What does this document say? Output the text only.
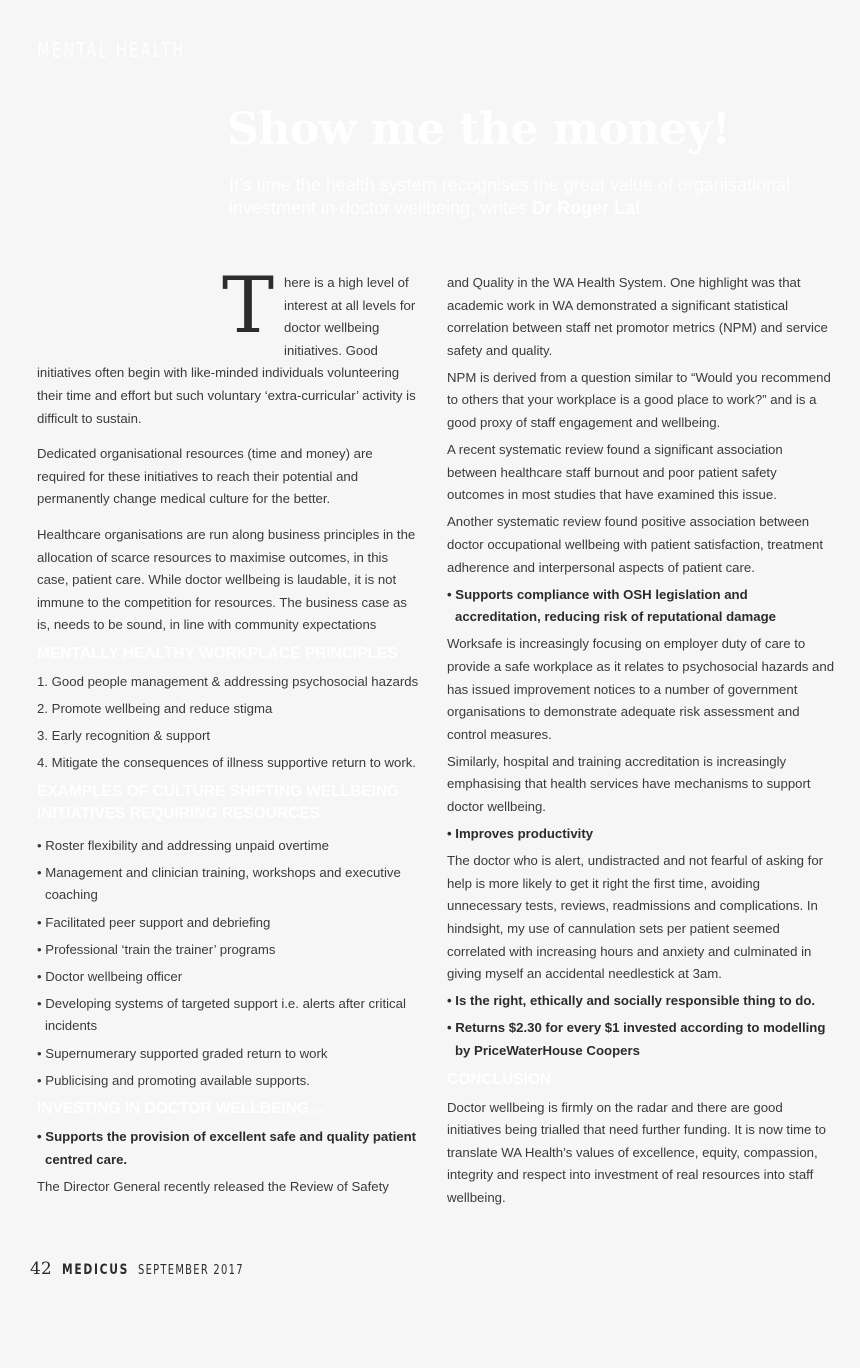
MENTAL HEALTH
Show me the money!

It’s time the health system recognises the great value of organisational investment in doctor wellbeing, writes Dr Roger Lai

There is a high level of interest at all levels for doctor wellbeing initiatives. Good initiatives often begin with like-minded individuals volunteering their time and effort but such voluntary ‘extra-curricular’ activity is difficult to sustain.

Dedicated organisational resources (time and money) are required for these initiatives to reach their potential and permanently change medical culture for the better.

Healthcare organisations are run along business principles in the allocation of scarce resources to maximise outcomes, in this case, patient care. While doctor wellbeing is laudable, it is not immune to the competition for resources. The business case as is, needs to be sound, in line with community expectations

MENTALLY HEALTHY WORKPLACE PRINCIPLES
1. Good people management & addressing psychosocial hazards
2. Promote wellbeing and reduce stigma
3. Early recognition & support
4. Mitigate the consequences of illness supportive return to work.
EXAMPLES OF CULTURE SHIFTING WELLBEING INITIATIVES REQUIRING RESOURCES
• Roster flexibility and addressing unpaid overtime
• Management and clinician training, workshops and executive coaching
• Facilitated peer support and debriefing
• Professional ‘train the trainer’ programs
• Doctor wellbeing officer
• Developing systems of targeted support i.e. alerts after critical incidents
• Supernumerary supported graded return to work
• Publicising and promoting available supports.
INVESTING IN DOCTOR WELLBEING…
• Supports the provision of excellent safe and quality patient centred care.

The Director General recently released the Review of Safety

and Quality in the WA Health System. One highlight was that academic work in WA demonstrated a significant statistical correlation between staff net promotor metrics (NPM) and service safety and quality.

NPM is derived from a question similar to “Would you recommend to others that your workplace is a good place to work?” and is a good proxy of staff engagement and wellbeing.

A recent systematic review found a significant association between healthcare staff burnout and poor patient safety outcomes in most studies that have examined this issue.

Another systematic review found positive association between doctor occupational wellbeing with patient satisfaction, treatment adherence and interpersonal aspects of patient care.

• Supports compliance with OSH legislation and accreditation, reducing risk of reputational damage

Worksafe is increasingly focusing on employer duty of care to provide a safe workplace as it relates to psychosocial hazards and has issued improvement notices to a number of government organisations to demonstrate adequate risk assessment and control measures.

Similarly, hospital and training accreditation is increasingly emphasising that health services have mechanisms to support doctor wellbeing.

• Improves productivity

The doctor who is alert, undistracted and not fearful of asking for help is more likely to get it right the first time, avoiding unnecessary tests, reviews, readmissions and complications. In hindsight, my use of cannulation sets per patient seemed correlated with increasing hours and anxiety and culminated in giving myself an accidental needlestick at 3am.

• Is the right, ethically and socially responsible thing to do.
• Returns $2.30 for every $1 invested according to modelling by PriceWaterHouse Coopers
CONCLUSION

Doctor wellbeing is firmly on the radar and there are good initiatives being trialled that need further funding. It is now time to translate WA Health’s values of excellence, equity, compassion, integrity and respect into investment of real resources into staff wellbeing.

42 MEDICUS SEPTEMBER 2017
